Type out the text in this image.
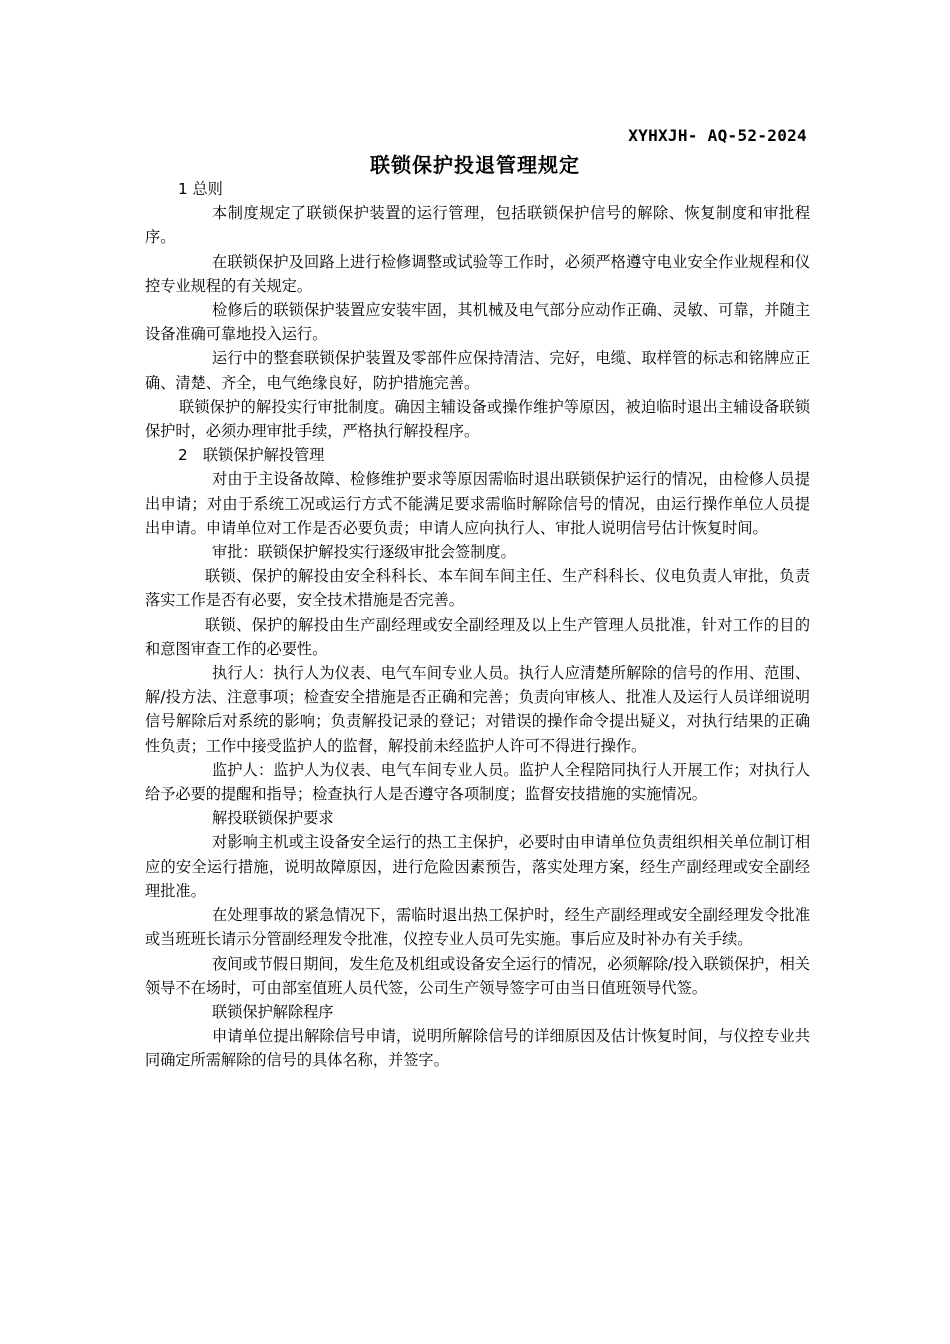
XYHXJH- AQ-52-2024
联锁保护投退管理规定

1 总则

本制度规定了联锁保护装置的运行管理，包括联锁保护信号的解除、恢复制度和审批程序。

在联锁保护及回路上进行检修调整或试验等工作时，必须严格遵守电业安全作业规程和仪控专业规程的有关规定。

检修后的联锁保护装置应安装牢固，其机械及电气部分应动作正确、灵敏、可靠，并随主设备准确可靠地投入运行。

运行中的整套联锁保护装置及零部件应保持清洁、完好，电缆、取样管的标志和铭牌应正确、清楚、齐全，电气绝缘良好，防护措施完善。

联锁保护的解投实行审批制度。确因主辅设备或操作维护等原因，被迫临时退出主辅设备联锁保护时，必须办理审批手续，严格执行解投程序。

2　联锁保护解投管理

对由于主设备故障、检修维护要求等原因需临时退出联锁保护运行的情况，由检修人员提出申请；对由于系统工况或运行方式不能满足要求需临时解除信号的情况，由运行操作单位人员提出申请。申请单位对工作是否必要负责；申请人应向执行人、审批人说明信号估计恢复时间。

审批：联锁保护解投实行逐级审批会签制度。

联锁、保护的解投由安全科科长、本车间车间主任、生产科科长、仪电负责人审批，负责落实工作是否有必要，安全技术措施是否完善。

联锁、保护的解投由生产副经理或安全副经理及以上生产管理人员批准，针对工作的目的和意图审查工作的必要性。

执行人：执行人为仪表、电气车间专业人员。执行人应清楚所解除的信号的作用、范围、解/投方法、注意事项；检查安全措施是否正确和完善；负责向审核人、批准人及运行人员详细说明信号解除后对系统的影响；负责解投记录的登记；对错误的操作命令提出疑义，对执行结果的正确性负责；工作中接受监护人的监督，解投前未经监护人许可不得进行操作。

监护人：监护人为仪表、电气车间专业人员。监护人全程陪同执行人开展工作；对执行人给予必要的提醒和指导；检查执行人是否遵守各项制度；监督安技措施的实施情况。

解投联锁保护要求

对影响主机或主设备安全运行的热工主保护，必要时由申请单位负责组织相关单位制订相应的安全运行措施，说明故障原因，进行危险因素预告，落实处理方案，经生产副经理或安全副经理批准。

在处理事故的紧急情况下，需临时退出热工保护时，经生产副经理或安全副经理发令批准或当班班长请示分管副经理发令批准，仪控专业人员可先实施。事后应及时补办有关手续。

夜间或节假日期间，发生危及机组或设备安全运行的情况，必须解除/投入联锁保护，相关领导不在场时，可由部室值班人员代签，公司生产领导签字可由当日值班领导代签。

联锁保护解除程序

申请单位提出解除信号申请，说明所解除信号的详细原因及估计恢复时间，与仪控专业共同确定所需解除的信号的具体名称，并签字。
